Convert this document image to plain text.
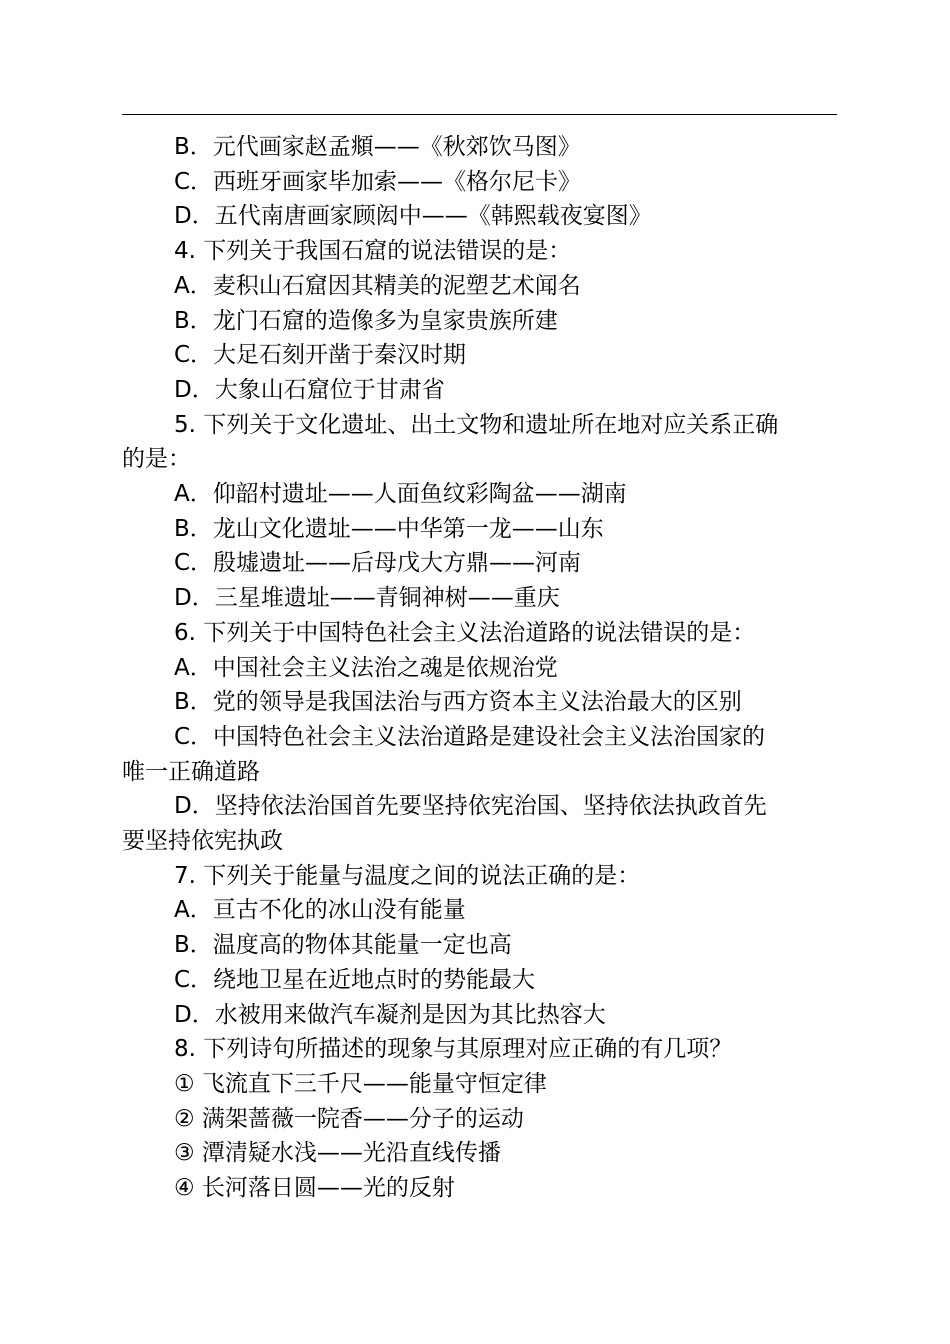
B．元代画家赵孟頫——《秋郊饮马图》
C．西班牙画家毕加索——《格尔尼卡》
D．五代南唐画家顾闳中——《韩熙载夜宴图》
4. 下列关于我国石窟的说法错误的是：
A．麦积山石窟因其精美的泥塑艺术闻名
B．龙门石窟的造像多为皇家贵族所建
C．大足石刻开凿于秦汉时期
D．大象山石窟位于甘肃省
5. 下列关于文化遗址、出土文物和遗址所在地对应关系正确
的是：
A．仰韶村遗址——人面鱼纹彩陶盆——湖南
B．龙山文化遗址——中华第一龙——山东
C．殷墟遗址——后母戊大方鼎——河南
D．三星堆遗址——青铜神树——重庆
6. 下列关于中国特色社会主义法治道路的说法错误的是：
A．中国社会主义法治之魂是依规治党
B．党的领导是我国法治与西方资本主义法治最大的区别
C．中国特色社会主义法治道路是建设社会主义法治国家的
唯一正确道路
D．坚持依法治国首先要坚持依宪治国、坚持依法执政首先
要坚持依宪执政
7. 下列关于能量与温度之间的说法正确的是：
A．亘古不化的冰山没有能量
B．温度高的物体其能量一定也高
C．绕地卫星在近地点时的势能最大
D．水被用来做汽车凝剂是因为其比热容大
8. 下列诗句所描述的现象与其原理对应正确的有几项？
① 飞流直下三千尺——能量守恒定律
② 满架蔷薇一院香——分子的运动
③ 潭清疑水浅——光沿直线传播
④ 长河落日圆——光的反射
